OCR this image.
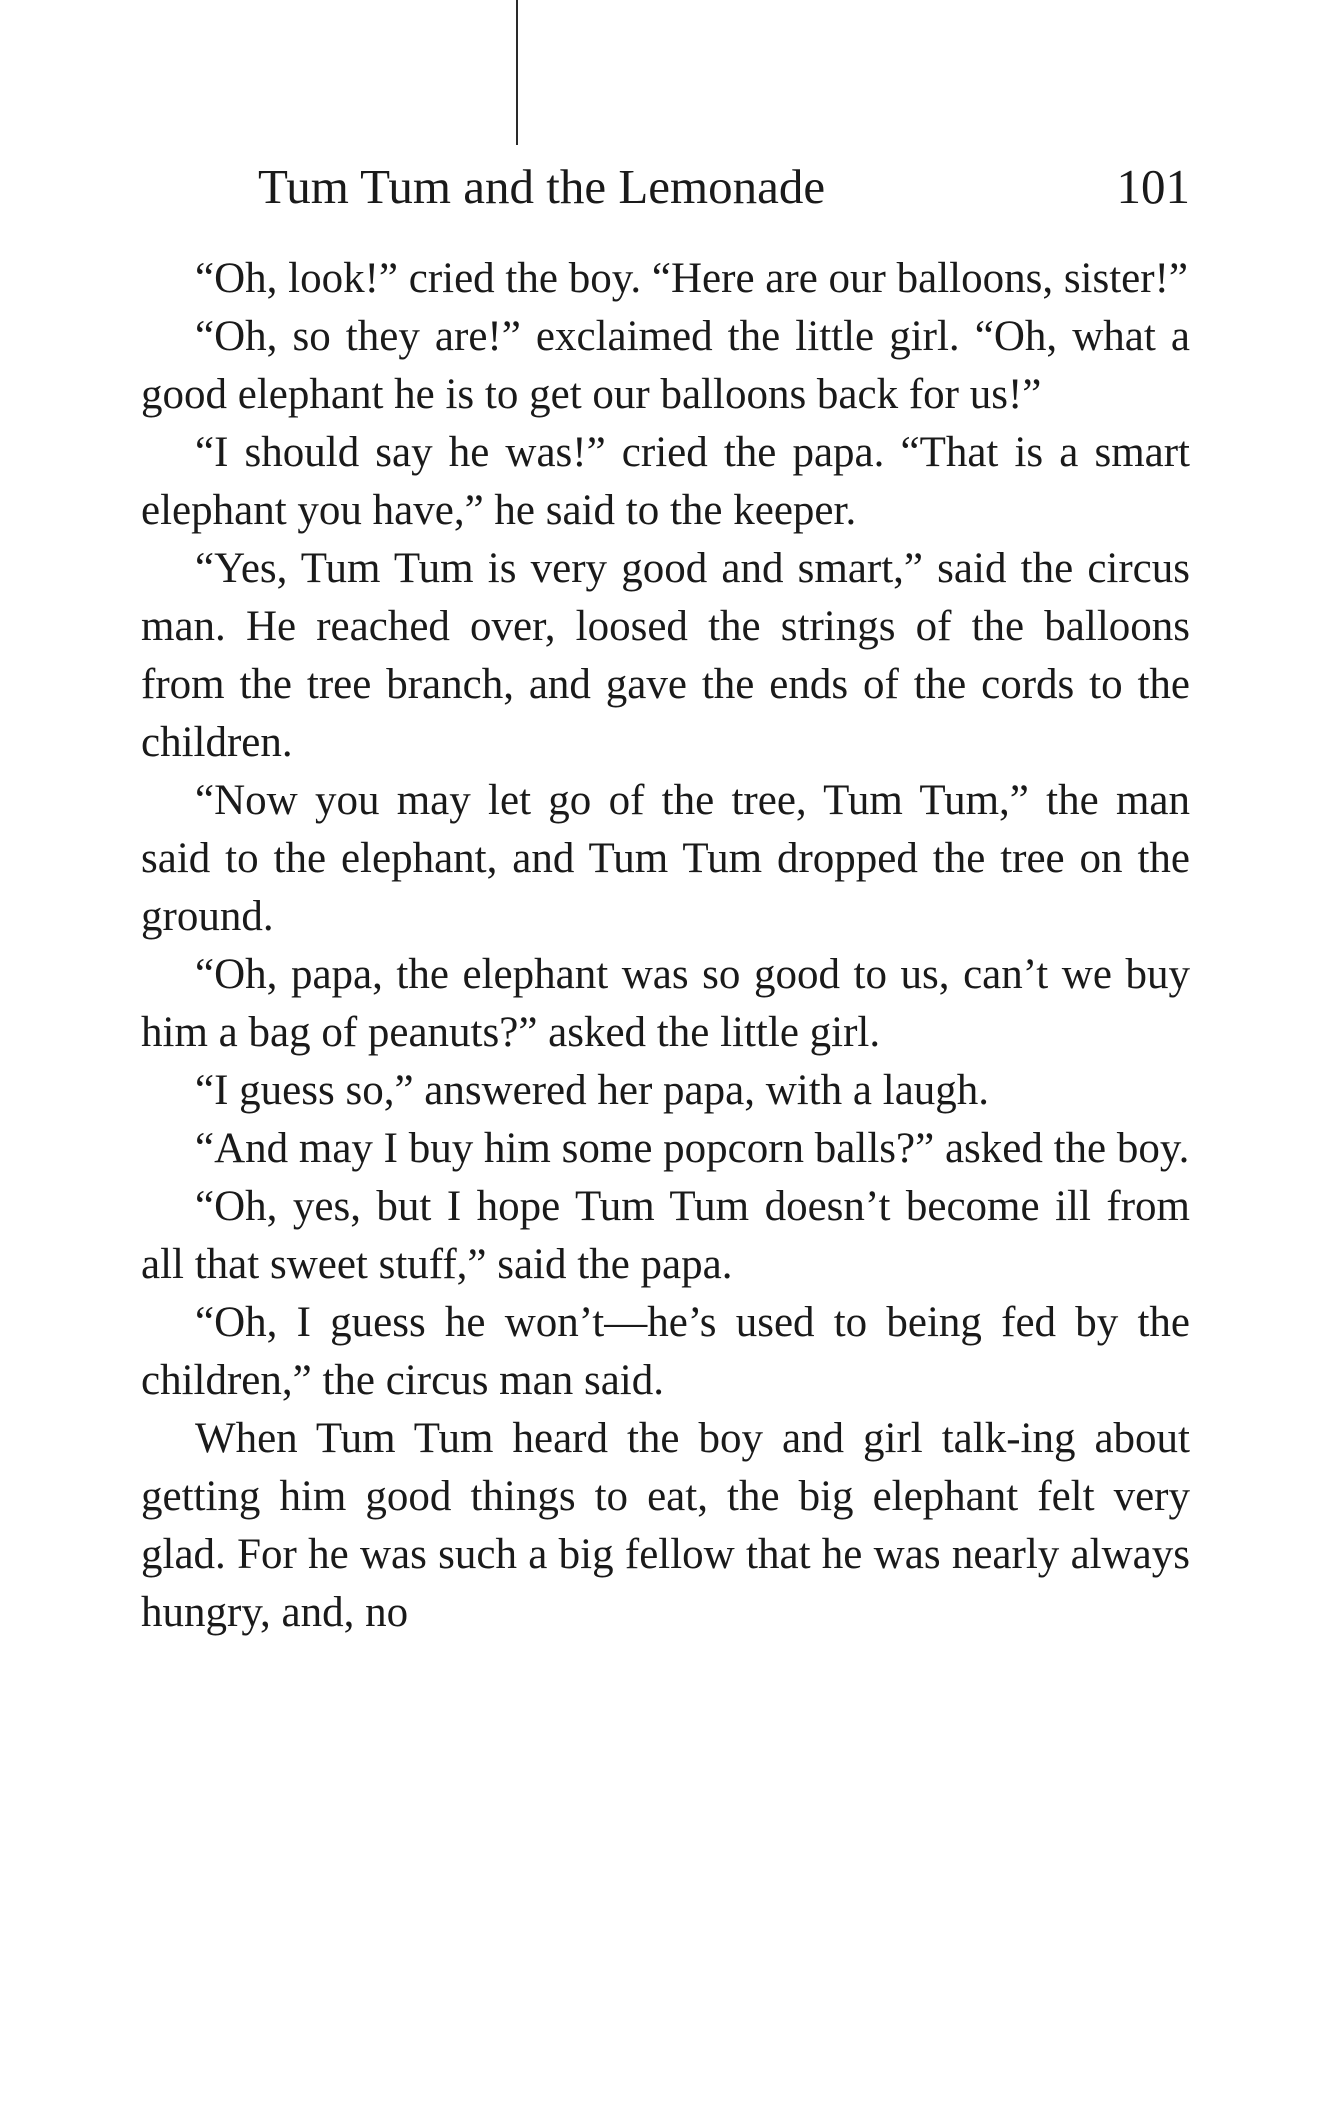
Tum Tum and the Lemonade	101

“Oh, look!” cried the boy. “Here are our balloons, sister!”

“Oh, so they are!” exclaimed the little girl. “Oh, what a good elephant he is to get our balloons back for us!”

“I should say he was!” cried the papa. “That is a smart elephant you have,” he said to the keeper.

“Yes, Tum Tum is very good and smart,” said the circus man. He reached over, loosed the strings of the balloons from the tree branch, and gave the ends of the cords to the children.

“Now you may let go of the tree, Tum Tum,” the man said to the elephant, and Tum Tum dropped the tree on the ground.

“Oh, papa, the elephant was so good to us, can’t we buy him a bag of peanuts?” asked the little girl.

“I guess so,” answered her papa, with a laugh.

“And may I buy him some popcorn balls?” asked the boy.

“Oh, yes, but I hope Tum Tum doesn’t become ill from all that sweet stuff,” said the papa.

“Oh, I guess he won’t—he’s used to being fed by the children,” the circus man said.

When Tum Tum heard the boy and girl talk-ing about getting him good things to eat, the big elephant felt very glad. For he was such a big fellow that he was nearly always hungry, and, no
